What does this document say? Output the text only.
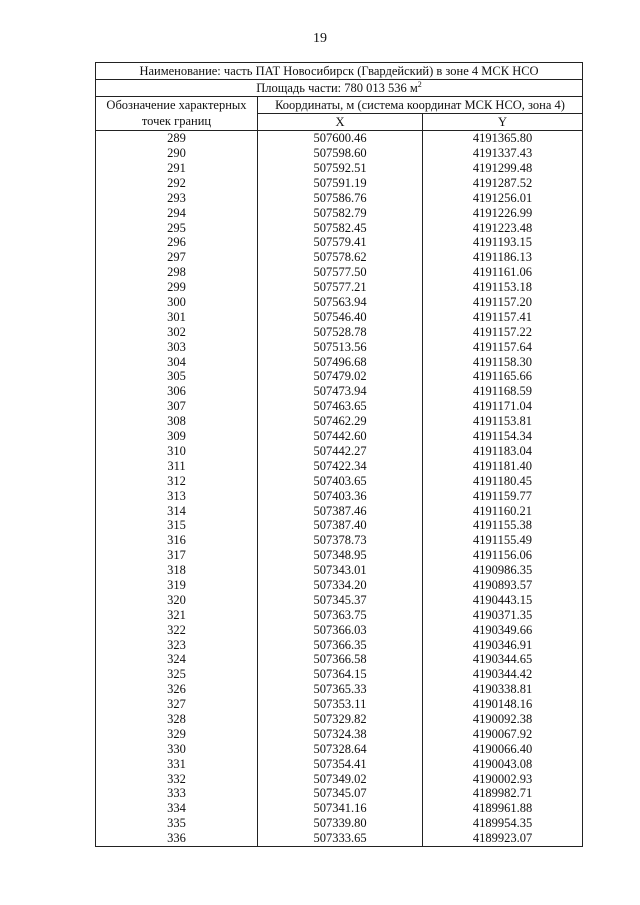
19
Наименование: часть ПАТ Новосибирск (Гвардейский) в зоне 4 МСК НСО		
Площадь части: 780 013 536 $м^2$
Обозначение характерных	Координаты, м (система координат МСК НСО, зона 4)	
точек границ	X	Y
289	507600.46	4191365.80
290	507598.60	4191337.43
291	507592.51	4191299.48
292	507591.19	4191287.52
293	507586.76	4191256.01
294	507582.79	4191226.99
295	507582.45	4191223.48
296	507579.41	4191193.15
297	507578.62	4191186.13
298	507577.50	4191161.06
299	507577.21	4191153.18
300	507563.94	4191157.20
301	507546.40	4191157.41
302	507528.78	4191157.22
303	507513.56	4191157.64
304	507496.68	4191158.30
305	507479.02	4191165.66
306	507473.94	4191168.59
307	507463.65	4191171.04
308	507462.29	4191153.81
309	507442.60	4191154.34
310	507442.27	4191183.04
311	507422.34	4191181.40
312	507403.65	4191180.45
313	507403.36	4191159.77
314	507387.46	4191160.21
315	507387.40	4191155.38
316	507378.73	4191155.49
317	507348.95	4191156.06
318	507343.01	4190986.35
319	507334.20	4190893.57
320	507345.37	4190443.15
321	507363.75	4190371.35
322	507366.03	4190349.66
323	507366.35	4190346.91
324	507366.58	4190344.65
325	507364.15	4190344.42
326	507365.33	4190338.81
327	507353.11	4190148.16
328	507329.82	4190092.38
329	507324.38	4190067.92
330	507328.64	4190066.40
331	507354.41	4190043.08
332	507349.02	4190002.93
333	507345.07	4189982.71
334	507341.16	4189961.88
335	507339.80	4189954.35
336	507333.65	4189923.07
